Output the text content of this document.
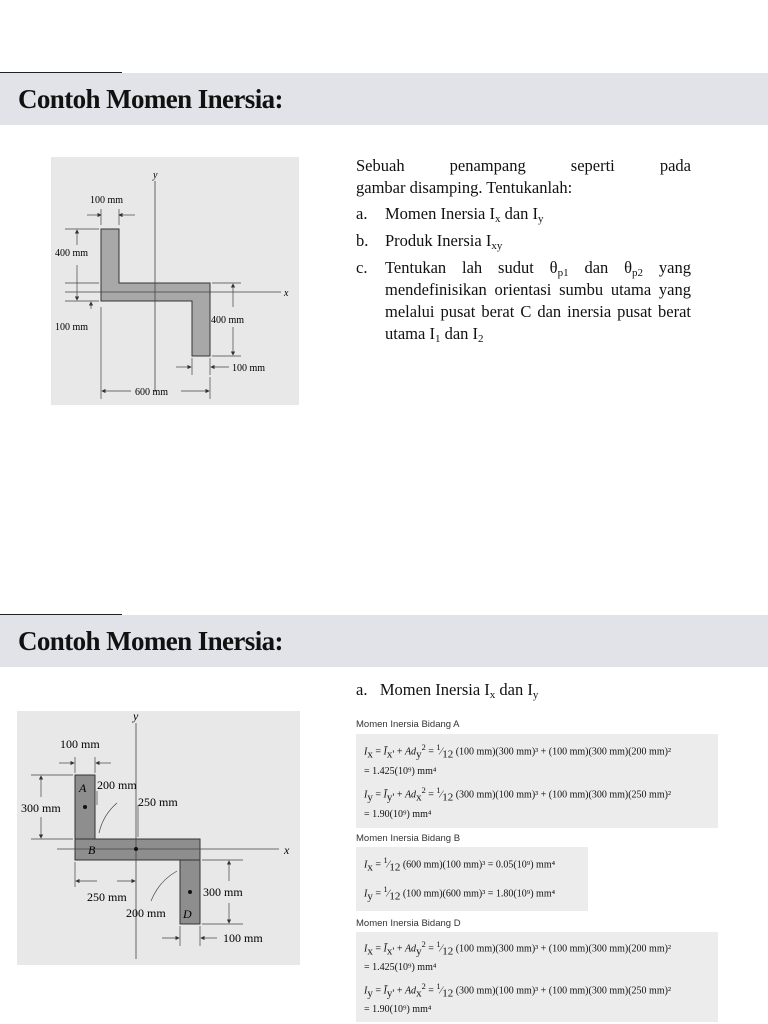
Contoh Momen Inersia:
y
x
100 mm
400 mm
100 mm
400 mm
100 mm
600 mm

Sebuah penampang seperti pada

gambar disamping. Tentukanlah:

a. Momen Inersia $I_x$ dan $I_y$
b. Produk Inersia $I_{xy}$
c. Tentukan lah sudut $\theta_{p1}$ dan $\theta_{p2}$ yang mendefinisikan orientasi sumbu utama yang melalui pusat berat C dan inersia pusat berat utama $I_1$ dan $I_2$
Contoh Momen Inersia:
y
x
A
B
D
100 mm
300 mm
200 mm
250 mm
250 mm
200 mm
300 mm
100 mm
a. Momen Inersia $I_x$ dan $I_y$
Momen Inersia Bidang A
$I_x$ = $Ī_{x'} + Ad_y^2$ = $^1⁄_{12}$ (100 mm)(300 mm)³ + (100 mm)(300 mm)(200 mm)²
= 1.425(10⁹) mm⁴
$I_y$ = $Ī_{y'} + Ad_x^2$ = $^1⁄_{12}$ (300 mm)(100 mm)³ + (100 mm)(300 mm)(250 mm)²
= 1.90(10⁹) mm⁴
Momen Inersia Bidang B
$I_x$ = $^1⁄_{12}$ (600 mm)(100 mm)³ = 0.05(10⁹) mm⁴
$I_y$ = $^1⁄_{12}$ (100 mm)(600 mm)³ = 1.80(10⁹) mm⁴
Momen Inersia Bidang D
$I_x$ = $Ī_{x'} + Ad_y^2$ = $^1⁄_{12}$ (100 mm)(300 mm)³ + (100 mm)(300 mm)(200 mm)²
= 1.425(10⁹) mm⁴
$I_y$ = $Ī_{y'} + Ad_x^2$ = $^1⁄_{12}$ (300 mm)(100 mm)³ + (100 mm)(300 mm)(250 mm)²
= 1.90(10⁹) mm⁴
